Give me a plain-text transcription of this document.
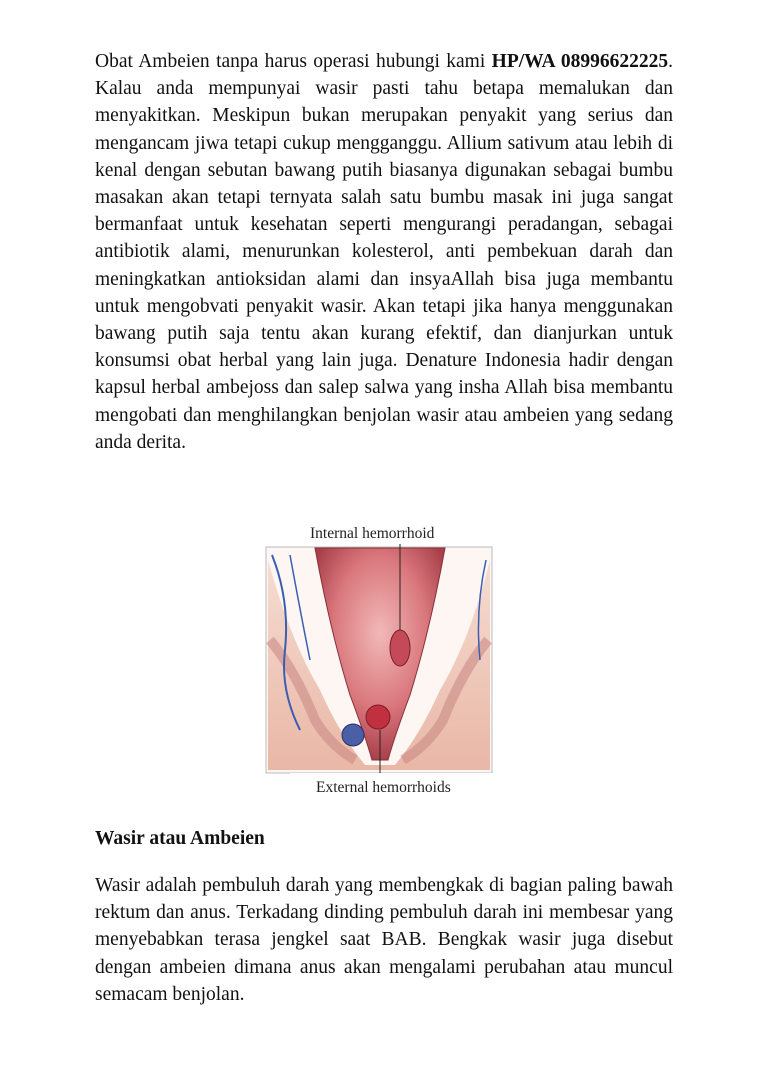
Obat Ambeien tanpa harus operasi hubungi kami HP/WA 08996622225. Kalau anda mempunyai wasir pasti tahu betapa memalukan dan menyakitkan. Meskipun bukan merupakan penyakit yang serius dan mengancam jiwa tetapi cukup mengganggu. Allium sativum atau lebih di kenal dengan sebutan bawang putih biasanya digunakan sebagai bumbu masakan akan tetapi ternyata salah satu bumbu masak ini juga sangat bermanfaat untuk kesehatan seperti mengurangi peradangan, sebagai antibiotik alami, menurunkan kolesterol, anti pembekuan darah dan meningkatkan antioksidan alami dan insyaAllah bisa juga membantu untuk mengobvati penyakit wasir. Akan tetapi jika hanya menggunakan bawang putih saja tentu akan kurang efektif, dan dianjurkan untuk konsumsi obat herbal yang lain juga. Denature Indonesia hadir dengan kapsul herbal ambejoss dan salep salwa yang insha Allah bisa membantu mengobati dan menghilangkan benjolan wasir atau ambeien yang sedang anda derita.

Internal hemorrhoid
External hemorrhoids
Wasir atau Ambeien

Wasir adalah pembuluh darah yang membengkak di bagian paling bawah rektum dan anus. Terkadang dinding pembuluh darah ini membesar yang menyebabkan terasa jengkel saat BAB. Bengkak wasir juga disebut dengan ambeien dimana anus akan mengalami perubahan atau muncul semacam benjolan.
